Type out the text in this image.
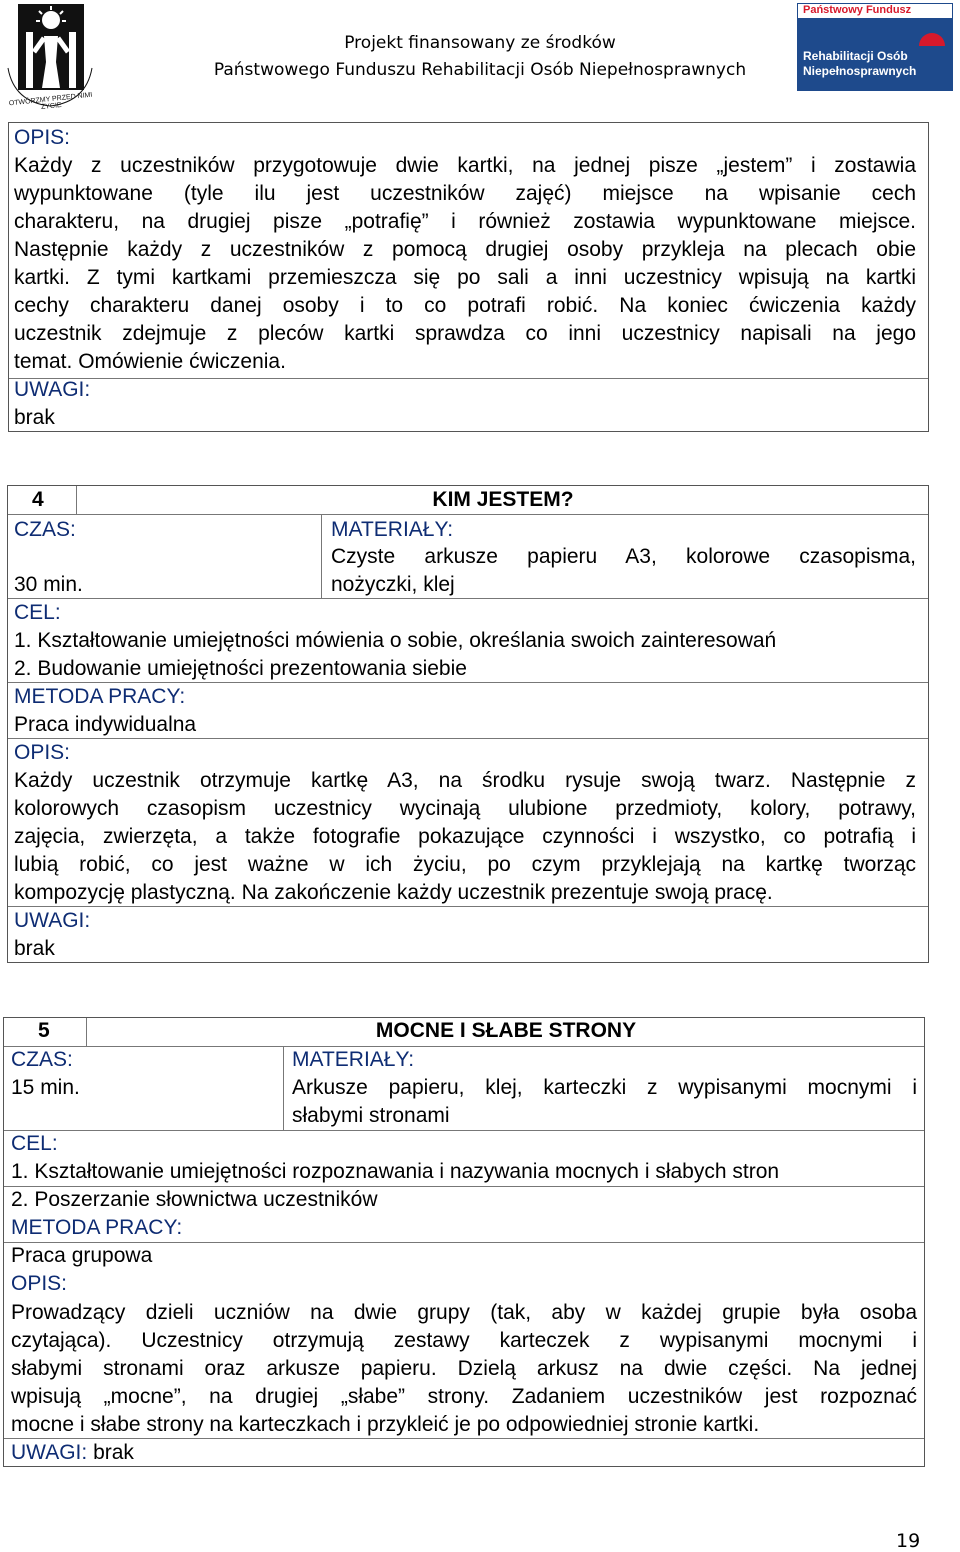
OTWÓRZMY PRZED NIMI ŻYCIE
Projekt finansowany ze środków
Państwowego Funduszu Rehabilitacji Osób Niepełnosprawnych
Państwowy Fundusz
Rehabilitacji Osób
Niepełnosprawnych
OPIS:
Każdy z uczestników przygotowuje dwie kartki, na jednej pisze „jestem” i zostawia
wypunktowane (tyle ilu jest uczestników zajęć) miejsce na wpisanie cech
charakteru, na drugiej pisze „potrafię” i również zostawia wypunktowane miejsce.
Następnie każdy z uczestników z pomocą drugiej osoby przykleja na plecach obie
kartki. Z tymi kartkami przemieszcza się po sali a inni uczestnicy wpisują na kartki
cechy charakteru danej osoby i to co potrafi robić. Na koniec ćwiczenia każdy
uczestnik zdejmuje z pleców kartki sprawdza co inni uczestnicy napisali na jego
temat. Omówienie ćwiczenia.
UWAGI:
brak
4	KIM JESTEM?
CZAS:
30 min.
MATERIAŁY:
Czyste arkusze papieru A3, kolorowe czasopisma,
nożyczki, klej
CEL:
1. Kształtowanie umiejętności mówienia o sobie, określania swoich zainteresowań
2. Budowanie umiejętności prezentowania siebie
METODA PRACY:
Praca indywidualna
OPIS:
Każdy uczestnik otrzymuje kartkę A3, na środku rysuje swoją twarz. Następnie z
kolorowych czasopism uczestnicy wycinają ulubione przedmioty, kolory, potrawy,
zajęcia, zwierzęta, a także fotografie pokazujące czynności i wszystko, co potrafią i
lubią robić, co jest ważne w ich życiu, po czym przyklejają na kartkę tworząc
kompozycję plastyczną. Na zakończenie każdy uczestnik prezentuje swoją pracę.
UWAGI:
brak
5	MOCNE I SŁABE STRONY
CZAS:
15 min.
MATERIAŁY:
Arkusze papieru, klej, karteczki z wypisanymi mocnymi i
słabymi stronami
CEL:
1. Kształtowanie umiejętności rozpoznawania i nazywania mocnych i słabych stron
2. Poszerzanie słownictwa uczestników
METODA PRACY:
Praca grupowa
OPIS:
Prowadzący dzieli uczniów na dwie grupy (tak, aby w każdej grupie była osoba
czytająca). Uczestnicy otrzymują zestawy karteczek z wypisanymi mocnymi i
słabymi stronami oraz arkusze papieru. Dzielą arkusz na dwie części. Na jednej
wpisują „mocne”, na drugiej „słabe” strony. Zadaniem uczestników jest rozpoznać
mocne i słabe strony na karteczkach i przykleić je po odpowiedniej stronie kartki.
UWAGI: brak
19
